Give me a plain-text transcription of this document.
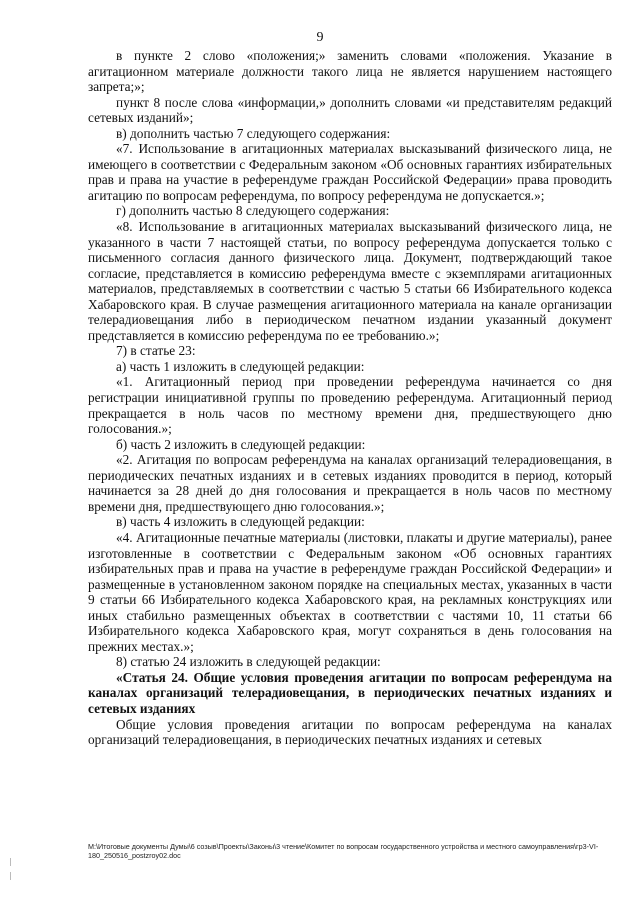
9

в пункте 2 слово «положения;» заменить словами «положения. Указание в агитационном материале должности такого лица не является нарушением настоящего запрета;»;

пункт 8 после слова «информации,» дополнить словами «и представителям редакций сетевых изданий»;

в) дополнить частью 7 следующего содержания:

«7. Использование в агитационных материалах высказываний физического лица, не имеющего в соответствии с Федеральным законом «Об основных гарантиях избирательных прав и права на участие в референдуме граждан Российской Федерации» права проводить агитацию по вопросам референдума, по вопросу референдума не допускается.»;

г) дополнить частью 8 следующего содержания:

«8. Использование в агитационных материалах высказываний физического лица, не указанного в части 7 настоящей статьи, по вопросу референдума допускается только с письменного согласия данного физического лица. Документ, подтверждающий такое согласие, представляется в комиссию референдума вместе с экземплярами агитационных материалов, представляемых в соответствии с частью 5 статьи 66 Избирательного кодекса Хабаровского края. В случае размещения агитационного материала на канале организации телерадиовещания либо в периодическом печатном издании указанный документ представляется в комиссию референдума по ее требованию.»;

7) в статье 23:

а) часть 1 изложить в следующей редакции:

«1. Агитационный период при проведении референдума начинается со дня регистрации инициативной группы по проведению референдума. Агитационный период прекращается в ноль часов по местному времени дня, предшествующего дню голосования.»;

б) часть 2 изложить в следующей редакции:

«2. Агитация по вопросам референдума на каналах организаций телерадиовещания, в периодических печатных изданиях и в сетевых изданиях проводится в период, который начинается за 28 дней до дня голосования и прекращается в ноль часов по местному времени дня, предшествующего дню голосования.»;

в) часть 4 изложить в следующей редакции:

«4. Агитационные печатные материалы (листовки, плакаты и другие материалы), ранее изготовленные в соответствии с Федеральным законом «Об основных гарантиях избирательных прав и права на участие в референдуме граждан Российской Федерации» и размещенные в установленном законом порядке на специальных местах, указанных в части 9 статьи 66 Избирательного кодекса Хабаровского края, на рекламных конструкциях или иных стабильно размещенных объектах в соответствии с частями 10, 11 статьи 66 Избирательного кодекса Хабаровского края, могут сохраняться в день голосования на прежних местах.»;

8) статью 24 изложить в следующей редакции:

«Статья 24. Общие условия проведения агитации по вопросам референдума на каналах организаций телерадиовещания, в периодических печатных изданиях и сетевых изданиях

Общие условия проведения агитации по вопросам референдума на каналах организаций телерадиовещания, в периодических печатных изданиях и сетевых

M:\Итоговые документы Думы\6 созыв\Проекты\Законы\3 чтение\Комитет по вопросам государственного устройства и местного самоуправления\гр3-VI-180_250516_postzroy02.doc
